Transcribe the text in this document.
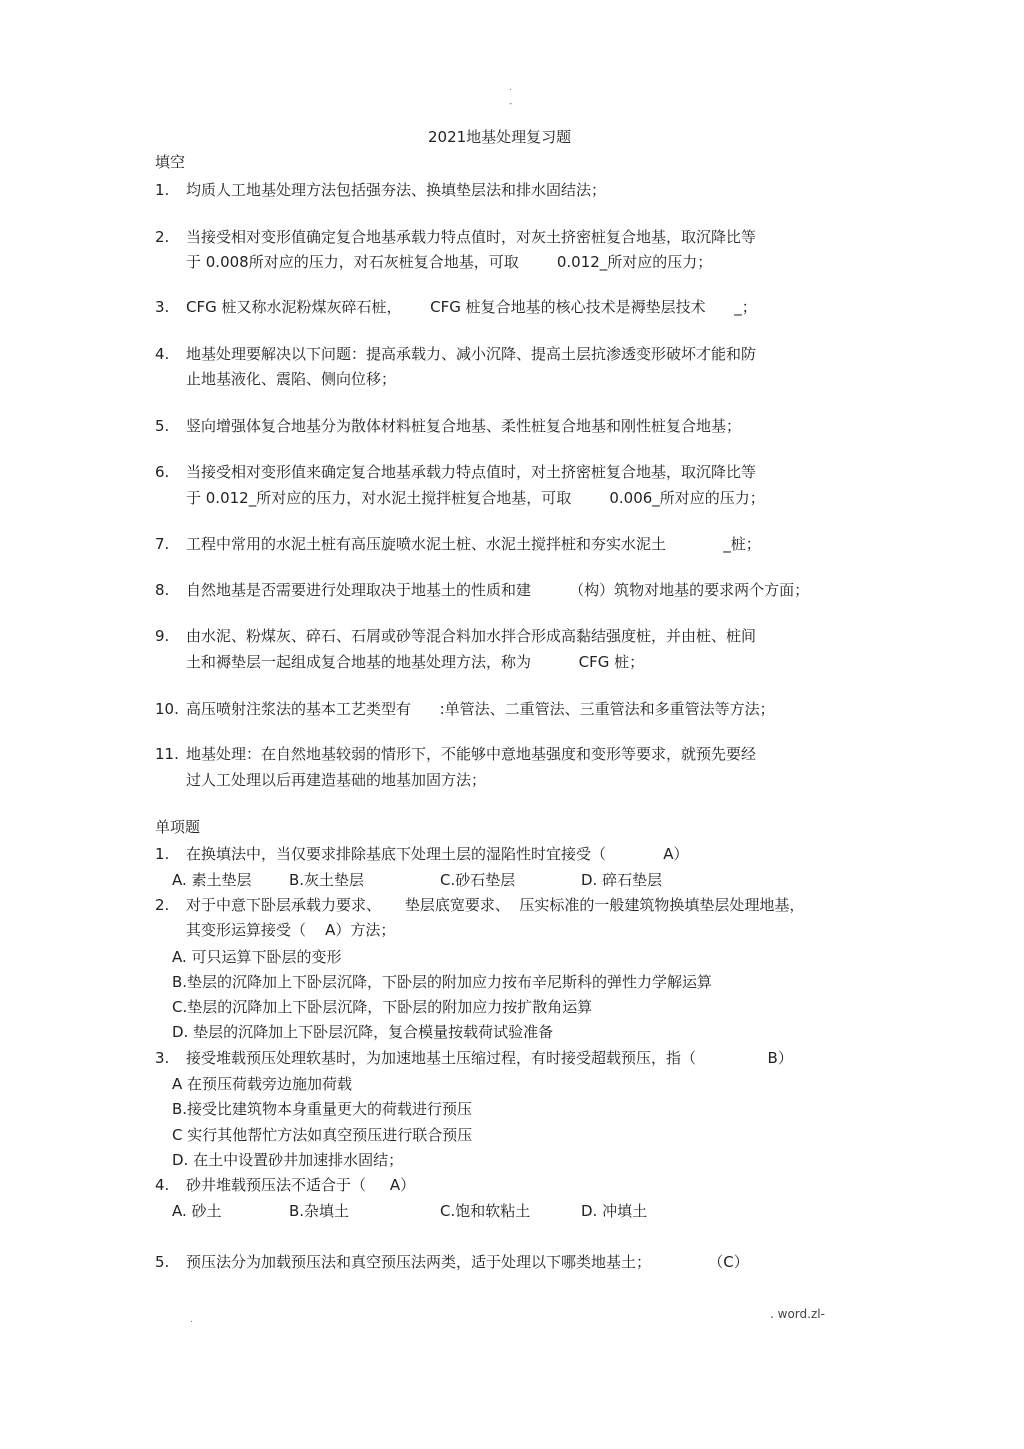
.
-
2021地基处理复习题
填空
1. 均质人工地基处理方法包括强夯法、换填垫层法和排水固结法；
2. 当接受相对变形值确定复合地基承载力特点值时，对灰土挤密桩复合地基，取沉降比等
于 0.008所对应的压力，对石灰桩复合地基，可取        0.012_所对应的压力；
3. CFG 桩又称水泥粉煤灰碎石桩，      CFG 桩复合地基的核心技术是褥垫层技术      _；
4. 地基处理要解决以下问题：提高承载力、减小沉降、提高土层抗渗透变形破坏才能和防
止地基液化、震陷、侧向位移；
5. 竖向增强体复合地基分为散体材料桩复合地基、柔性桩复合地基和刚性桩复合地基；
6. 当接受相对变形值来确定复合地基承载力特点值时，对土挤密桩复合地基，取沉降比等
于 0.012_所对应的压力，对水泥土搅拌桩复合地基，可取        0.006_所对应的压力；
7. 工程中常用的水泥土桩有高压旋喷水泥土桩、水泥土搅拌桩和夯实水泥土            _桩；
8. 自然地基是否需要进行处理取决于地基土的性质和建        （构）筑物对地基的要求两个方面；
9. 由水泥、粉煤灰、碎石、石屑或砂等混合料加水拌合形成高黏结强度桩，并由桩、桩间
土和褥垫层一起组成复合地基的地基处理方法，称为          CFG 桩；
10. 高压喷射注浆法的基本工艺类型有      :单管法、二重管法、三重管法和多重管法等方法；
11. 地基处理：在自然地基较弱的情形下，不能够中意地基强度和变形等要求，就预先要经
过人工处理以后再建造基础的地基加固方法；
单项题
1. 在换填法中，当仅要求排除基底下处理土层的湿陷性时宜接受（            A）
A. 素土垫层 B.灰土垫层	C.砂石垫层	D. 碎石垫层
2. 对于中意下卧层承载力要求、     垫层底宽要求、  压实标准的一般建筑物换填垫层处理地基，
其变形运算接受（    A）方法；
A. 可只运算下卧层的变形
B.垫层的沉降加上下卧层沉降，下卧层的附加应力按布辛尼斯科的弹性力学解运算
C.垫层的沉降加上下卧层沉降，下卧层的附加应力按扩散角运算
D. 垫层的沉降加上下卧层沉降，复合模量按载荷试验准备
3. 接受堆载预压处理软基时，为加速地基土压缩过程，有时接受超载预压，指（               B）
A 在预压荷载旁边施加荷载
B.接受比建筑物本身重量更大的荷载进行预压
C 实行其他帮忙方法如真空预压进行联合预压
D. 在土中设置砂井加速排水固结；
4. 砂井堆载预压法不适合于（     A）
A. 砂土	B.杂填土	C.饱和软粘土	D. 冲填土
5. 预压法分为加载预压法和真空预压法两类，适于处理以下哪类地基土；            （C）
.	. word.zl-
